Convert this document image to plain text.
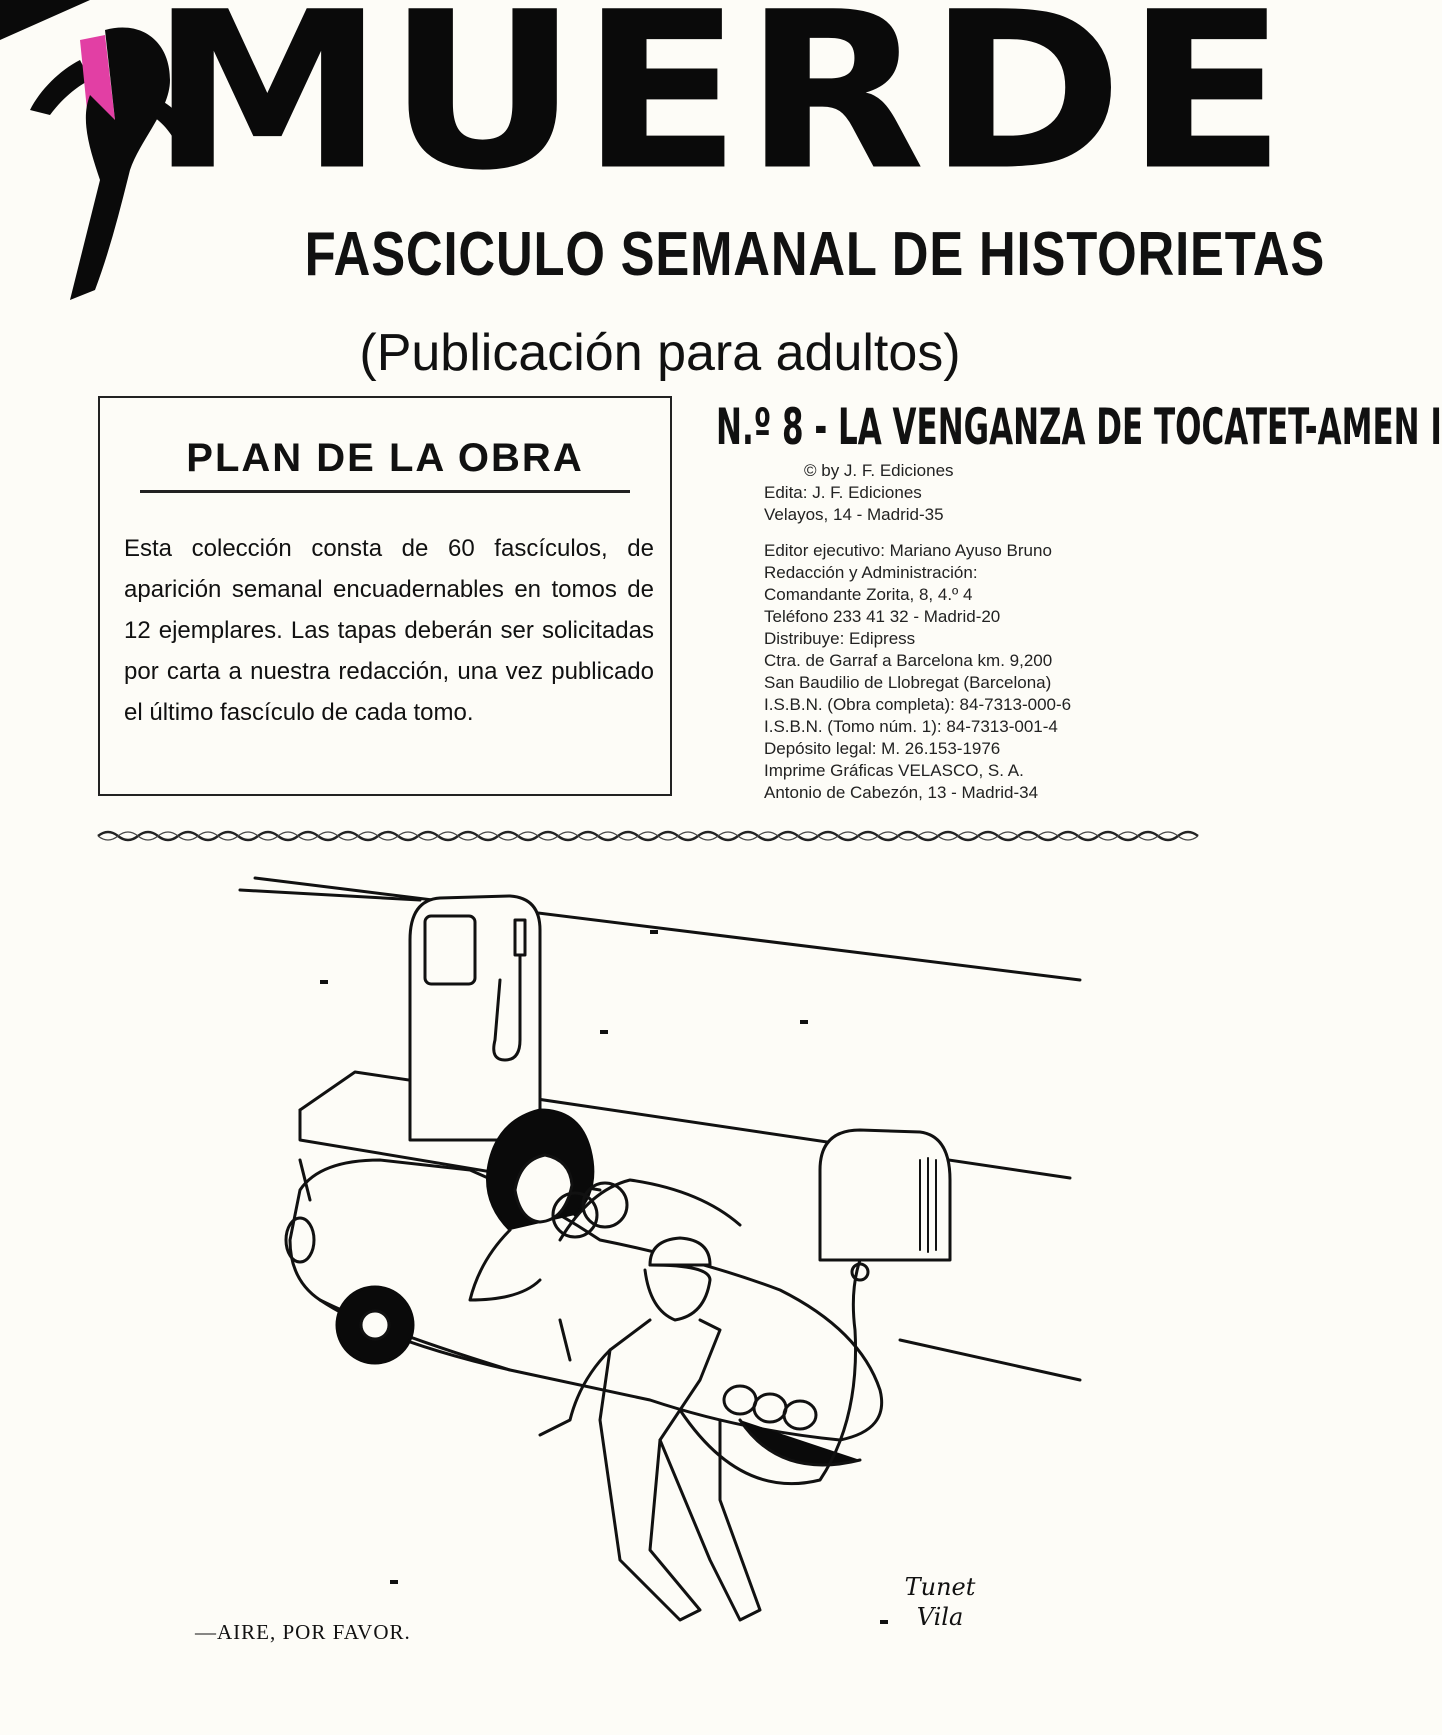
MUERDE
FASCICULO SEMANAL DE HISTORIETAS
(Publicación para adultos)
PLAN DE LA OBRA
Esta colección consta de 60 fascículos, de aparición semanal encuadernables en tomos de 12 ejemplares. Las tapas deberán ser solicitadas por carta a nuestra redacción, una vez publicado el último fascículo de cada tomo.
N.º 8 - LA VENGANZA DE TOCATET-AMEN I
© by J. F. Ediciones
Edita: J. F. Ediciones
Velayos, 14 - Madrid-35
Editor ejecutivo: Mariano Ayuso Bruno
Redacción y Administración:
Comandante Zorita, 8, 4.º 4
Teléfono 233 41 32 - Madrid-20
Distribuye: Edipress
Ctra. de Garraf a Barcelona km. 9,200
San Baudilio de Llobregat (Barcelona)
I.S.B.N. (Obra completa): 84-7313-000-6
I.S.B.N. (Tomo núm. 1): 84-7313-001-4
Depósito legal: M. 26.153-1976
Imprime Gráficas VELASCO, S. A.
Antonio de Cabezón, 13 - Madrid-34
—AIRE, POR FAVOR.
Tunet
Vila
